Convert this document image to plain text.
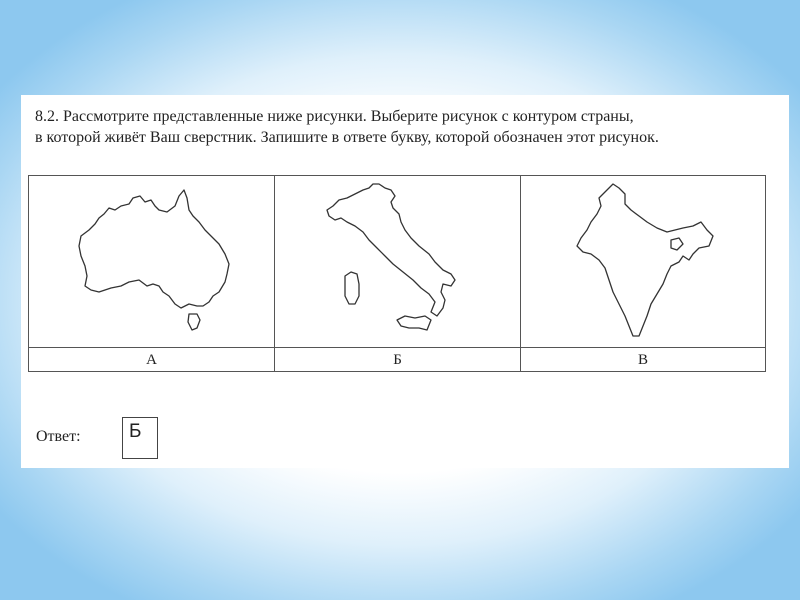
8.2. Рассмотрите представленные ниже рисунки. Выберите рисунок с контуром страны,
в которой живёт Ваш сверстник. Запишите в ответе букву, которой обозначен этот рисунок.

А	Б	В
Ответ:	Б
